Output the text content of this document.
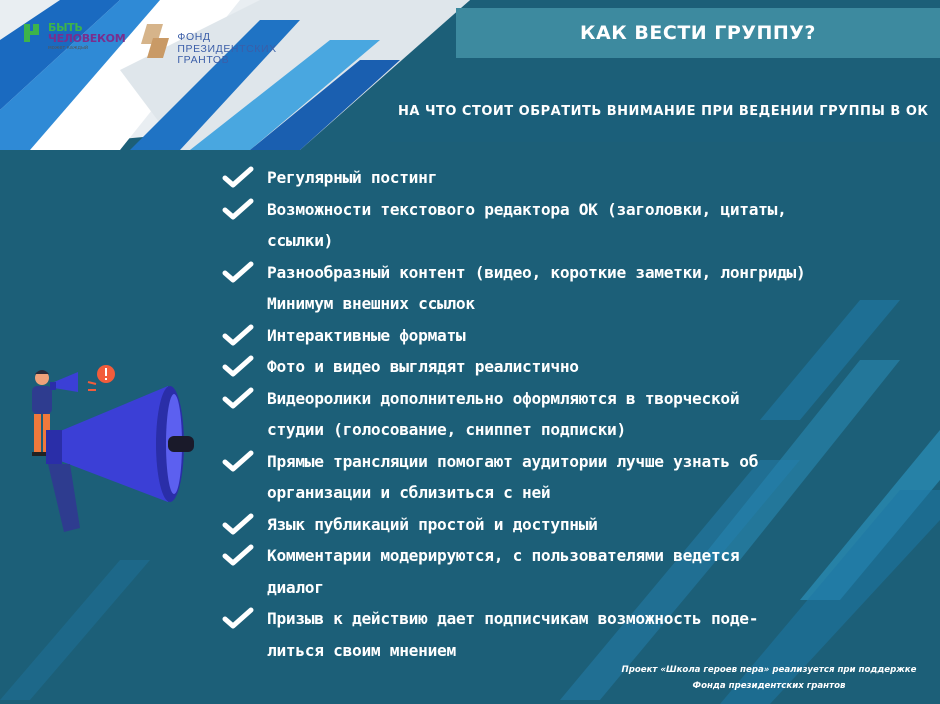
БЫТЬ
ЧЕЛОВЕКОМ
может каждый
ФОНД
ПРЕЗИДЕНТСКИХ
ГРАНТОВ
КАК ВЕСТИ ГРУППУ?
НА ЧТО СТОИТ ОБРАТИТЬ ВНИМАНИЕ ПРИ ВЕДЕНИИ ГРУППЫ В ОК
Регулярный постинг
Возможности текстового редактора ОК (заголовки, цитаты,
ссылки)
Разнообразный контент (видео, короткие заметки, лонгриды)
Минимум внешних ссылок
Интерактивные форматы
Фото и видео выглядят реалистично
Видеоролики дополнительно оформляются в творческой
студии (голосование, сниппет подписки)
Прямые трансляции помогают аудитории лучше узнать об
организации и сблизиться с ней
Язык публикаций простой и доступный
Комментарии модерируются, с пользователями ведется
диалог
Призыв к действию дает подписчикам возможность поде-
литься своим мнением
Проект «Школа героев пера» реализуется при поддержке
Фонда президентских грантов
